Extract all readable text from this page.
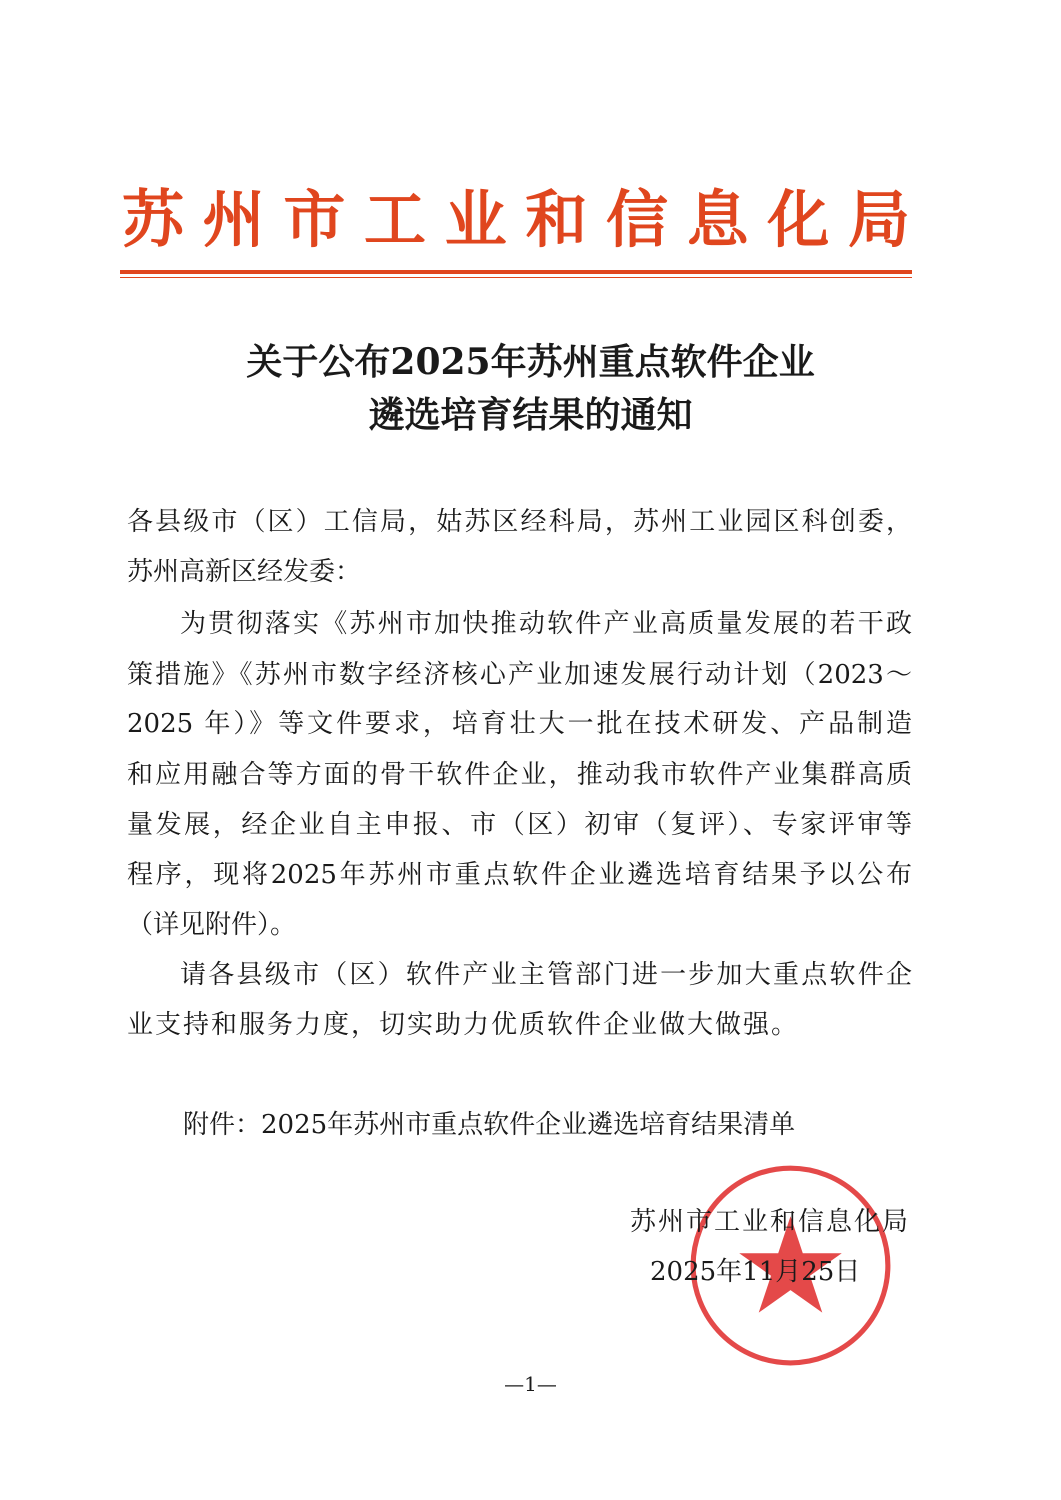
苏州市工业和信息化局
关于公布2025年苏州重点软件企业
遴选培育结果的通知
各县级市（区）工信局，姑苏区经科局，苏州工业园区科创委，
苏州高新区经发委：
为贯彻落实《苏州市加快推动软件产业高质量发展的若干政
策措施》《苏州市数字经济核心产业加速发展行动计划（2023～
2025 年）》等文件要求，培育壮大一批在技术研发、产品制造
和应用融合等方面的骨干软件企业，推动我市软件产业集群高质
量发展，经企业自主申报、市（区）初审（复评）、专家评审等
程序，现将2025年苏州市重点软件企业遴选培育结果予以公布
（详见附件）。
请各县级市（区）软件产业主管部门进一步加大重点软件企
业支持和服务力度，切实助力优质软件企业做大做强。
附件：2025年苏州市重点软件企业遴选培育结果清单
苏州市工业和信息化局
2025年11月25日
—1—
